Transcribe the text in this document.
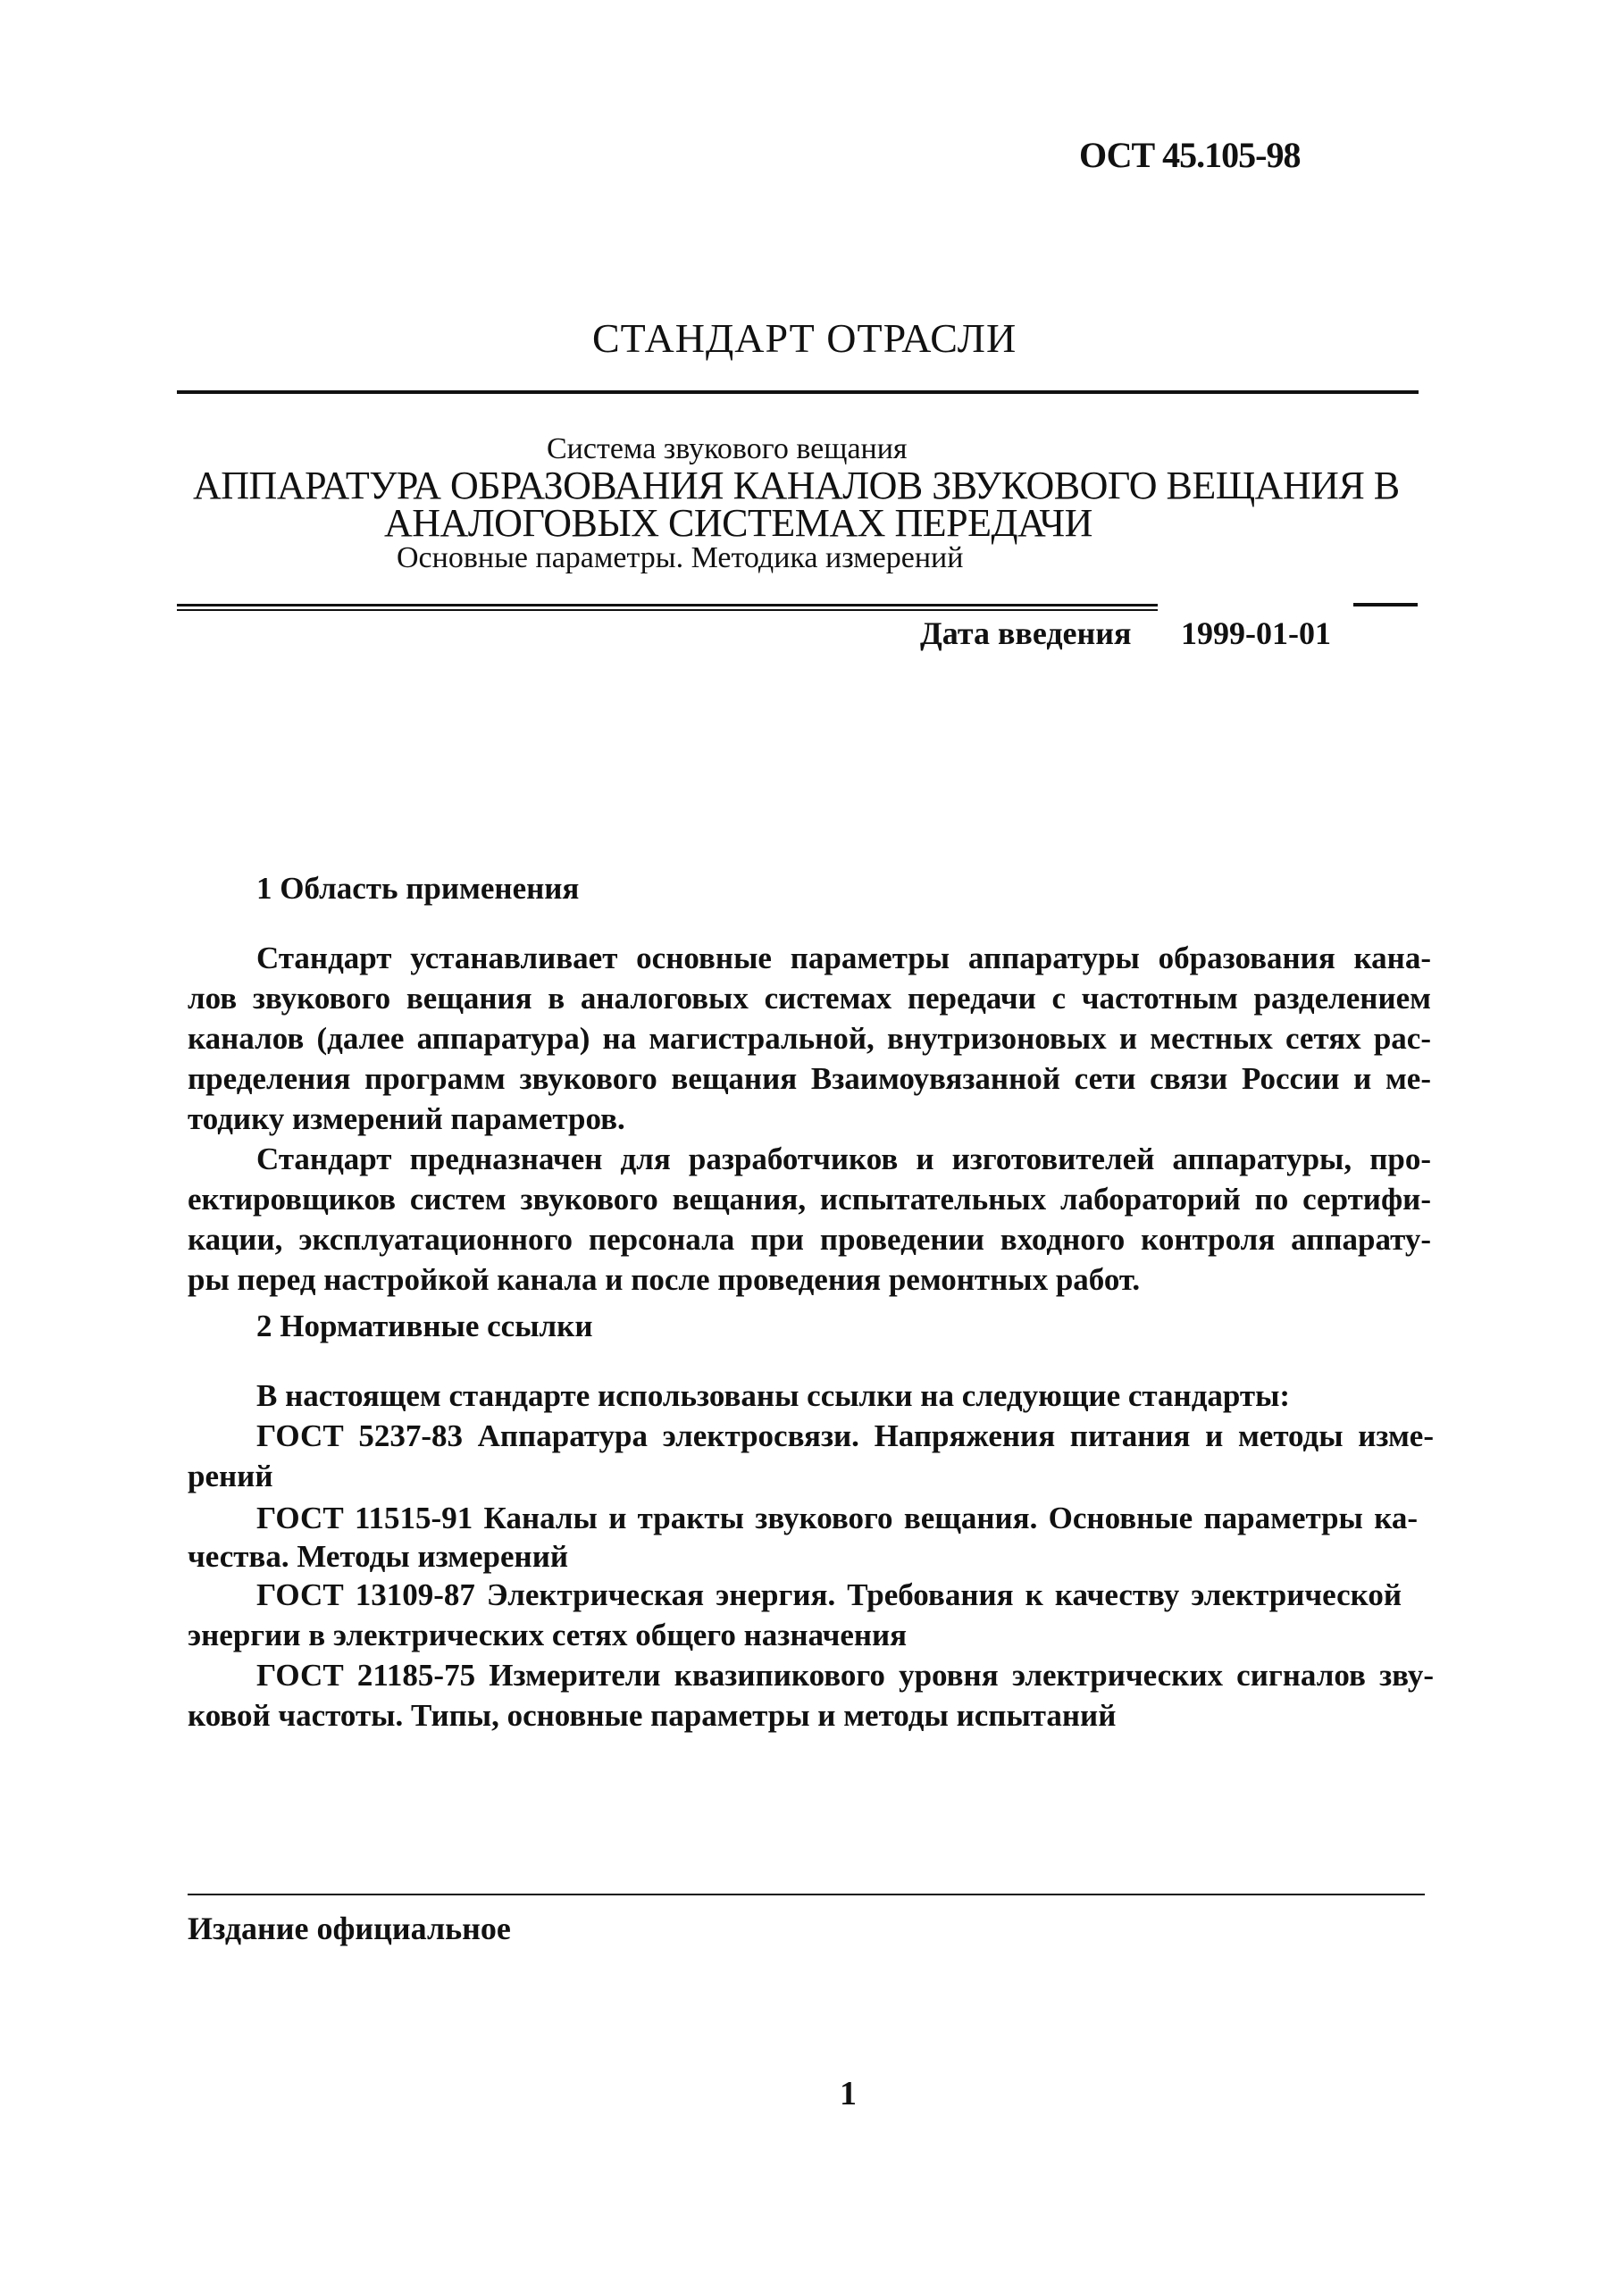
ОСТ 45.105-98
СТАНДАРТ ОТРАСЛИ
Система звукового вещания
АППАРАТУРА ОБРАЗОВАНИЯ КАНАЛОВ ЗВУКОВОГО ВЕЩАНИЯ В
АНАЛОГОВЫХ СИСТЕМАХ ПЕРЕДАЧИ
Основные параметры. Методика измерений
Дата введения 1999-01-01
1 Область применения
Стандарт устанавливает основные параметры аппаратуры образования кана-
лов звукового вещания в аналоговых системах передачи с частотным разделением
каналов (далее аппаратура) на магистральной, внутризоновых и местных сетях рас-
пределения программ звукового вещания Взаимоувязанной сети связи России и ме-
тодику измерений параметров.
Стандарт предназначен для разработчиков и изготовителей аппаратуры, про-
ектировщиков систем звукового вещания, испытательных лабораторий по сертифи-
кации, эксплуатационного персонала при проведении входного контроля аппарату-
ры перед настройкой канала и после проведения ремонтных работ.
2 Нормативные ссылки
В настоящем стандарте использованы ссылки на следующие стандарты:
ГОСТ 5237-83 Аппаратура электросвязи. Напряжения питания и методы изме-
рений
ГОСТ 11515-91 Каналы и тракты звукового вещания. Основные параметры ка-
чества. Методы измерений
ГОСТ 13109-87 Электрическая энергия. Требования к качеству электрической
энергии в электрических сетях общего назначения
ГОСТ 21185-75 Измерители квазипикового уровня электрических сигналов зву-
ковой частоты. Типы, основные параметры и методы испытаний
Издание официальное
1
